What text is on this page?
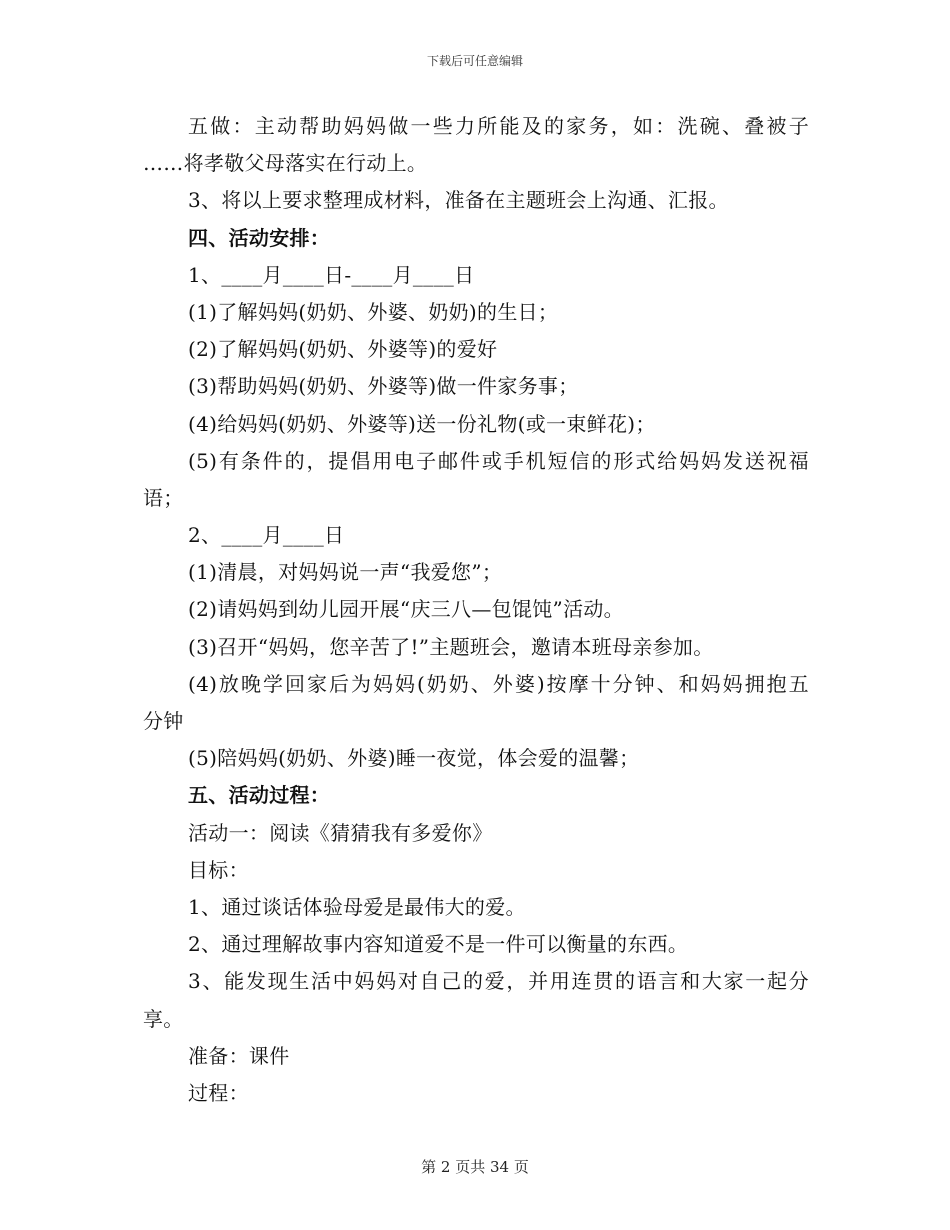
下载后可任意编辑
五做：主动帮助妈妈做一些力所能及的家务，如：洗碗、叠被子
……将孝敬父母落实在行动上。
3、将以上要求整理成材料，准备在主题班会上沟通、汇报。
四、活动安排：
1、____月____日-____月____日
(1)了解妈妈(奶奶、外婆、奶奶)的生日；
(2)了解妈妈(奶奶、外婆等)的爱好
(3)帮助妈妈(奶奶、外婆等)做一件家务事；
(4)给妈妈(奶奶、外婆等)送一份礼物(或一束鲜花)；
(5)有条件的，提倡用电子邮件或手机短信的形式给妈妈发送祝福
语；
2、____月____日
(1)清晨，对妈妈说一声“我爱您”；
(2)请妈妈到幼儿园开展“庆三八—包馄饨”活动。
(3)召开“妈妈，您辛苦了!”主题班会，邀请本班母亲参加。
(4)放晚学回家后为妈妈(奶奶、外婆)按摩十分钟、和妈妈拥抱五
分钟
(5)陪妈妈(奶奶、外婆)睡一夜觉，体会爱的温馨；
五、活动过程：
活动一：阅读《猜猜我有多爱你》
目标：
1、通过谈话体验母爱是最伟大的爱。
2、通过理解故事内容知道爱不是一件可以衡量的东西。
3、能发现生活中妈妈对自己的爱，并用连贯的语言和大家一起分
享。
准备：课件
过程：
第 2 页共 34 页
